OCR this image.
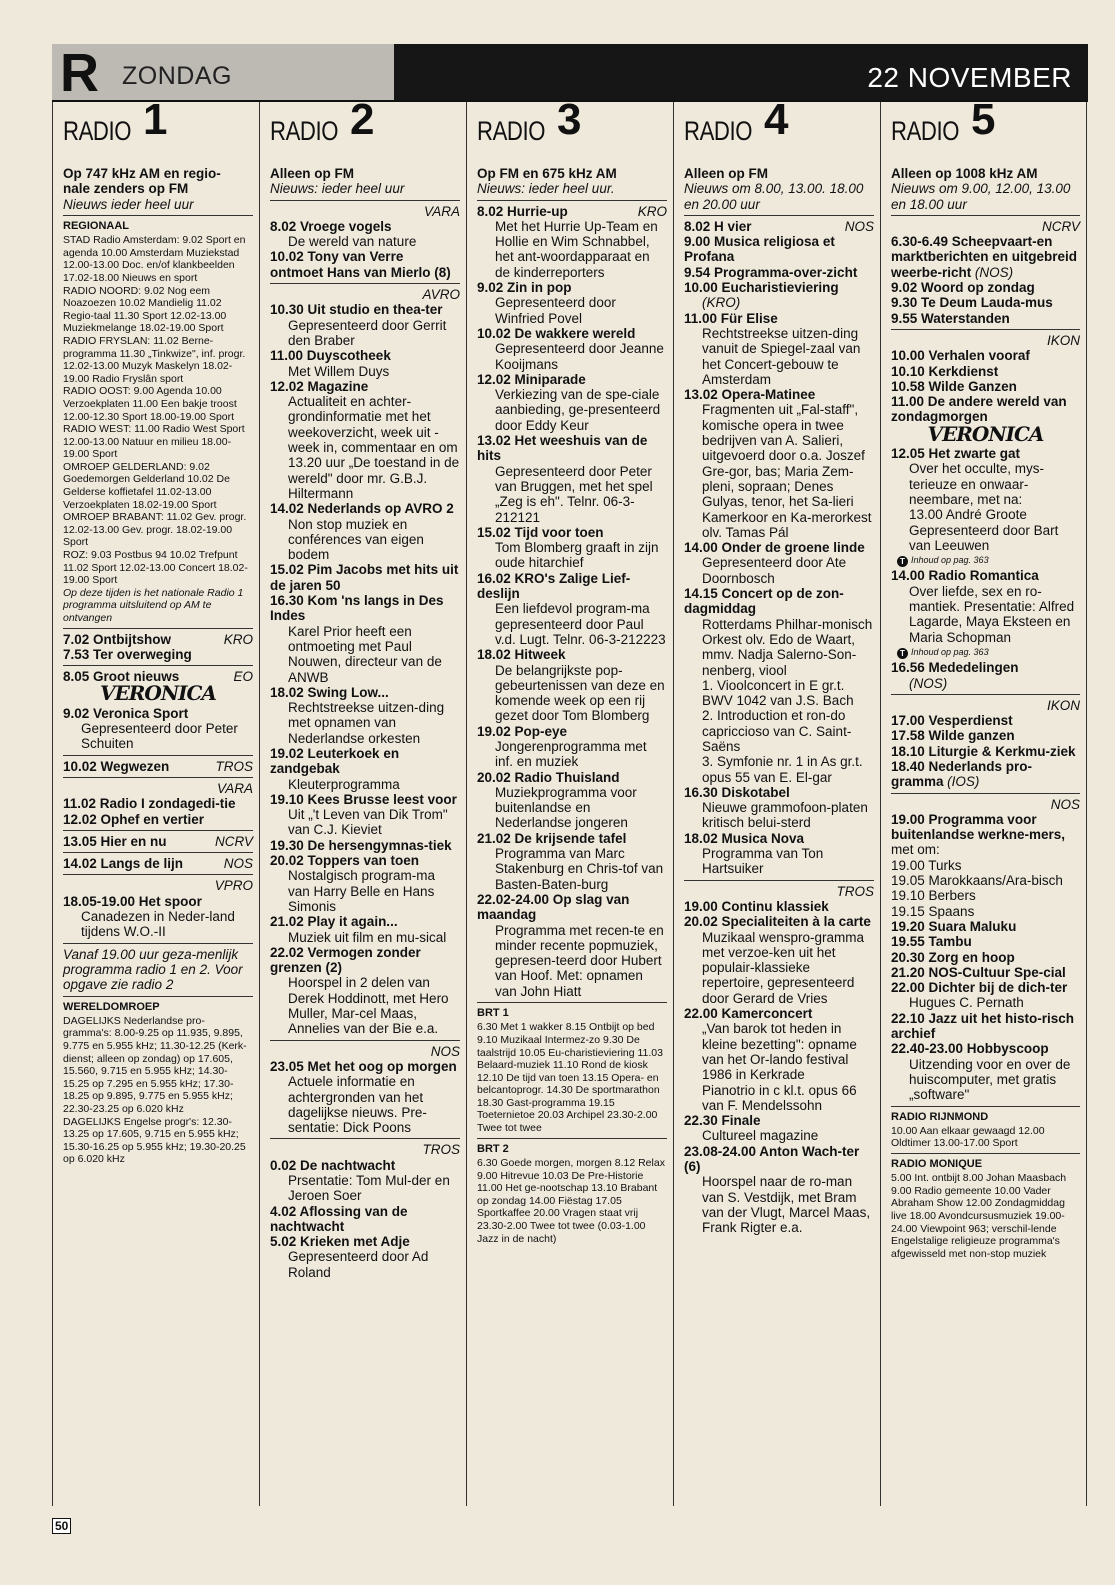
R ZONDAG	22 NOVEMBER
RADIO 1
Op 747 kHz AM en regio-
nale zenders op FM
Nieuws ieder heel uur
REGIONAAL
STAD Radio Amsterdam: 9.02 Sport en agenda 10.00 Amsterdam Muziekstad 12.00-13.00 Doc. en/of klankbeelden 17.02-18.00 Nieuws en sport
RADIO NOORD: 9.02 Nog eem Noazoezen 10.02 Mandielig 11.02 Regio-taal 11.30 Sport 12.02-13.00 Muziekmelange 18.02-19.00 Sport
RADIO FRYSLAN: 11.02 Berne-programma 11.30 „Tinkwize", inf. progr. 12.02-13.00 Muzyk Maskelyn 18.02-19.00 Radio Fryslân sport
RADIO OOST: 9.00 Agenda 10.00 Verzoekplaten 11.00 Een bakje troost 12.00-12.30 Sport 18.00-19.00 Sport
RADIO WEST: 11.00 Radio West Sport 12.00-13.00 Natuur en milieu 18.00-19.00 Sport
OMROEP GELDERLAND: 9.02 Goedemorgen Gelderland 10.02 De Gelderse koffietafel 11.02-13.00 Verzoekplaten 18.02-19.00 Sport
OMROEP BRABANT: 11.02 Gev. progr. 12.02-13.00 Gev. progr. 18.02-19.00 Sport
ROZ: 9.03 Postbus 94 10.02 Trefpunt 11.02 Sport 12.02-13.00 Concert 18.02-19.00 Sport
Op deze tijden is het nationale Radio 1 programma uitsluitend op AM te ontvangen
7.02 Ontbijtshow	KRO
7.53 Ter overweging
8.05 Groot nieuws	EO
VERONICA
9.02 Veronica Sport
Gepresenteerd door Peter Schuiten
10.02 Wegwezen	TROS
VARA
11.02 Radio I zondagedi-tie
12.02 Ophef en vertier
13.05 Hier en nu	NCRV
14.02 Langs de lijn	NOS
VPRO
18.05-19.00 Het spoor
Canadezen in Neder-land tijdens W.O.-II
Vanaf 19.00 uur geza-menlijk programma radio 1 en 2. Voor opgave zie radio 2
WERELDOMROEP
DAGELIJKS Nederlandse pro-gramma's: 8.00-9.25 op 11.935, 9.895, 9.775 en 5.955 kHz; 11.30-12.25 (Kerk-dienst; alleen op zondag) op 17.605, 15.560, 9.715 en 5.955 kHz; 14.30-15.25 op 7.295 en 5.955 kHz; 17.30-18.25 op 9.895, 9.775 en 5.955 kHz; 22.30-23.25 op 6.020 kHz
DAGELIJKS Engelse progr's: 12.30-13.25 op 17.605, 9.715 en 5.955 kHz; 15.30-16.25 op 5.955 kHz; 19.30-20.25 op 6.020 kHz
RADIO 2
Alleen op FM
Nieuws: ieder heel uur
VARA
8.02 Vroege vogels
De wereld van nature
10.02 Tony van Verre ontmoet Hans van Mierlo (8)
AVRO
10.30 Uit studio en thea-ter
Gepresenteerd door Gerrit den Braber
11.00 Duyscotheek
Met Willem Duys
12.02 Magazine
Actualiteit en achter-grondinformatie met het weekoverzicht, week uit - week in, commentaar en om 13.20 uur „De toestand in de wereld" door mr. G.B.J. Hiltermann
14.02 Nederlands op AVRO 2
Non stop muziek en conférences van eigen bodem
15.02 Pim Jacobs met hits uit de jaren 50
16.30 Kom 'ns langs in Des Indes
Karel Prior heeft een ontmoeting met Paul Nouwen, directeur van de ANWB
18.02 Swing Low...
Rechtstreekse uitzen-ding met opnamen van Nederlandse orkesten
19.02 Leuterkoek en zandgebak
Kleuterprogramma
19.10 Kees Brusse leest voor
Uit „'t Leven van Dik Trom" van C.J. Kieviet
19.30 De hersengymnas-tiek
20.02 Toppers van toen
Nostalgisch program-ma van Harry Belle en Hans Simonis
21.02 Play it again...
Muziek uit film en mu-sical
22.02 Vermogen zonder grenzen (2)
Hoorspel in 2 delen van Derek Hoddinott, met Hero Muller, Mar-cel Maas, Annelies van der Bie e.a.
NOS
23.05 Met het oog op morgen
Actuele informatie en achtergronden van het dagelijkse nieuws. Pre-sentatie: Dick Poons
TROS
0.02 De nachtwacht
Prsentatie: Tom Mul-der en Jeroen Soer
4.02 Aflossing van de nachtwacht
5.02 Krieken met Adje
Gepresenteerd door Ad Roland
RADIO 3
Op FM en 675 kHz AM
Nieuws: ieder heel uur.
8.02 Hurrie-up	KRO
Met het Hurrie Up-Team en Hollie en Wim Schnabbel, het ant-woordapparaat en de kinderreporters
9.02 Zin in pop
Gepresenteerd door Winfried Povel
10.02 De wakkere wereld
Gepresenteerd door Jeanne Kooijmans
12.02 Miniparade
Verkiezing van de spe-ciale aanbieding, ge-presenteerd door Eddy Keur
13.02 Het weeshuis van de hits
Gepresenteerd door Peter van Bruggen, met het spel „Zeg is eh". Telnr. 06-3-212121
15.02 Tijd voor toen
Tom Blomberg graaft in zijn oude hitarchief
16.02 KRO's Zalige Lief-deslijn
Een liefdevol program-ma gepresenteerd door Paul v.d. Lugt. Telnr. 06-3-212223
18.02 Hitweek
De belangrijkste pop-gebeurtenissen van deze en komende week op een rij gezet door Tom Blomberg
19.02 Pop-eye
Jongerenprogramma met inf. en muziek
20.02 Radio Thuisland
Muziekprogramma voor buitenlandse en Nederlandse jongeren
21.02 De krijsende tafel
Programma van Marc Stakenburg en Chris-tof van Basten-Baten-burg
22.02-24.00 Op slag van maandag
Programma met recen-te en minder recente popmuziek, gepresen-teerd door Hubert van Hoof. Met: opnamen van John Hiatt
BRT 1
6.30 Met 1 wakker 8.15 Ontbijt op bed 9.10 Muzikaal Intermez-zo 9.30 De taalstrijd 10.05 Eu-charistieviering 11.03 Belaard-muziek 11.10 Rond de kiosk 12.10 De tijd van toen 13.15 Opera- en belcantoprogr. 14.30 De sportmarathon 18.30 Gast-programma 19.15 Toeternietoe 20.03 Archipel 23.30-2.00 Twee tot twee
BRT 2
6.30 Goede morgen, morgen 8.12 Relax 9.00 Hitrevue 10.03 De Pre-Historie 11.00 Het ge-nootschap 13.10 Brabant op zondag 14.00 Fiëstag 17.05 Sportkaffee 20.00 Vragen staat vrij 23.30-2.00 Twee tot twee (0.03-1.00 Jazz in de nacht)
RADIO 4
Alleen op FM
Nieuws om 8.00, 13.00. 18.00 en 20.00 uur
8.02 H vier	NOS
9.00 Musica religiosa et Profana
9.54 Programma-over-zicht
10.00 Eucharistieviering
(KRO)
11.00 Für Elise
Rechtstreekse uitzen-ding vanuit de Spiegel-zaal van het Concert-gebouw te Amsterdam
13.02 Opera-Matinee
Fragmenten uit „Fal-staff", komische opera in twee bedrijven van A. Salieri, uitgevoerd door o.a. Joszef Gre-gor, bas; Maria Zem-pleni, sopraan; Denes Gulyas, tenor, het Sa-lieri Kamerkoor en Ka-merorkest olv. Tamas Pál
14.00 Onder de groene linde
Gepresenteerd door Ate Doornbosch
14.15 Concert op de zon-dagmiddag
Rotterdams Philhar-monisch Orkest olv. Edo de Waart, mmv. Nadja Salerno-Son-nenberg, viool
1. Vioolconcert in E gr.t. BWV 1042 van J.S. Bach
2. Introduction et ron-do capriccioso van C. Saint-Saëns
3. Symfonie nr. 1 in As gr.t. opus 55 van E. El-gar
16.30 Diskotabel
Nieuwe grammofoon-platen kritisch belui-sterd
18.02 Musica Nova
Programma van Ton Hartsuiker
TROS
19.00 Continu klassiek
20.02 Specialiteiten à la carte
Muzikaal wenspro-gramma met verzoe-ken uit het populair-klassieke repertoire, gepresenteerd door Gerard de Vries
22.00 Kamerconcert
„Van barok tot heden in kleine bezetting": opname van het Or-lando festival 1986 in Kerkrade
Pianotrio in c kl.t. opus 66 van F. Mendelssohn
22.30 Finale
Cultureel magazine
23.08-24.00 Anton Wach-ter (6)
Hoorspel naar de ro-man van S. Vestdijk, met Bram van der Vlugt, Marcel Maas, Frank Rigter e.a.
RADIO 5
Alleen op 1008 kHz AM
Nieuws om 9.00, 12.00, 13.00 en 18.00 uur
NCRV
6.30-6.49 Scheepvaart-en marktberichten en uitgebreid weerbe-richt (NOS)
9.02 Woord op zondag
9.30 Te Deum Lauda-mus
9.55 Waterstanden
IKON
10.00 Verhalen vooraf
10.10 Kerkdienst
10.58 Wilde Ganzen
11.00 De andere wereld van zondagmorgen
VERONICA
12.05 Het zwarte gat
Over het occulte, mys-terieuze en onwaar-neembare, met na:
13.00 André Groote
Gepresenteerd door Bart van Leeuwen
T Inhoud op pag. 363
14.00 Radio Romantica
Over liefde, sex en ro-mantiek. Presentatie: Alfred Lagarde, Maya Eksteen en Maria Schopman
T Inhoud op pag. 363
16.56 Mededelingen
(NOS)
IKON
17.00 Vesperdienst
17.58 Wilde ganzen
18.10 Liturgie & Kerkmu-ziek
18.40 Nederlands pro-gramma (IOS)
NOS
19.00 Programma voor buitenlandse werkne-mers, met om:
19.00 Turks
19.05 Marokkaans/Ara-bisch
19.10 Berbers
19.15 Spaans
19.20 Suara Maluku
19.55 Tambu
20.30 Zorg en hoop
21.20 NOS-Cultuur Spe-cial
22.00 Dichter bij de dich-ter
Hugues C. Pernath
22.10 Jazz uit het histo-risch archief
22.40-23.00 Hobbyscoop
Uitzending voor en over de huiscomputer, met gratis „software"
RADIO RIJNMOND
10.00 Aan elkaar gewaagd 12.00 Oldtimer 13.00-17.00 Sport
RADIO MONIQUE
5.00 Int. ontbijt 8.00 Johan Maasbach 9.00 Radio gemeente 10.00 Vader Abraham Show 12.00 Zondagmiddag live 18.00 Avondcursusmuziek 19.00-24.00 Viewpoint 963; verschil-lende Engelstalige religieuze programma's afgewisseld met non-stop muziek
50
